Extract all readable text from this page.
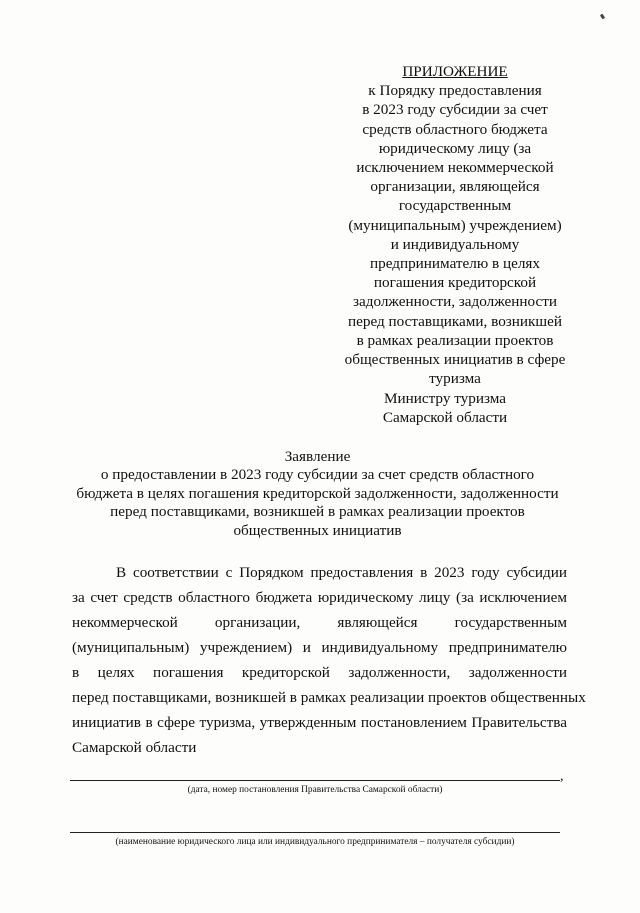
ПРИЛОЖЕНИЕ
к Порядку предоставления
в 2023 году субсидии за счет
средств областного бюджета
юридическому лицу (за
исключением некоммерческой
организации, являющейся
государственным
(муниципальным) учреждением)
и индивидуальному
предпринимателю в целях
погашения кредиторской
задолженности, задолженности
перед поставщиками, возникшей
в рамках реализации проектов
общественных инициатив в сфере
туризма
Министру туризма
Самарской области
Заявление
о предоставлении в 2023 году субсидии за счет средств областного
бюджета в целях погашения кредиторской задолженности, задолженности
перед поставщиками, возникшей в рамках реализации проектов
общественных инициатив
В соответствии с Порядком предоставления в 2023 году субсидии
за счет средств областного бюджета юридическому лицу (за исключением
некоммерческой организации, являющейся государственным
(муниципальным) учреждением) и индивидуальному предпринимателю
в целях погашения кредиторской задолженности, задолженности
перед поставщиками, возникшей в рамках реализации проектов общественных
инициатив в сфере туризма, утвержденным постановлением Правительства
Самарской области
,
(дата, номер постановления Правительства Самарской области)
(наименование юридического лица или индивидуального предпринимателя – получателя субсидии)
